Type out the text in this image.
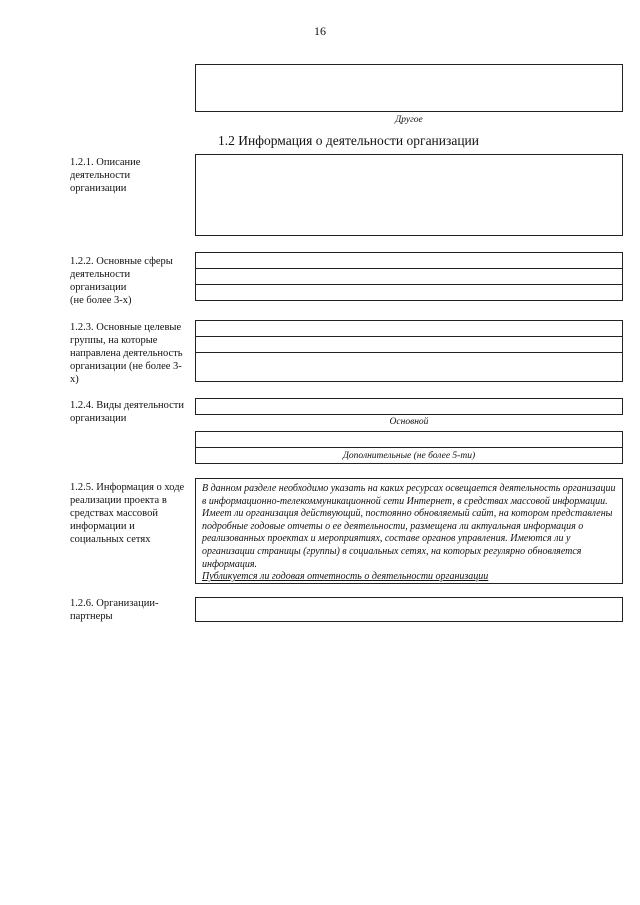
16
Другое
1.2 Информация о деятельности организации
1.2.1. Описание деятельности организации
1.2.2. Основные сферы деятельности организации
(не более 3-х)
1.2.3. Основные целевые группы, на которые направлена деятельность организации (не более 3-х)
1.2.4. Виды деятельности организации	Основной
Дополнительные (не более 5-ти)
1.2.5. Информация о ходе реализации проекта в средствах массовой информации и социальных сетях
В данном разделе необходимо указать на каких ресурсах освещается деятельность организации в информационно-телекоммуникационной сети Интернет, в средствах массовой информации. Имеет ли организация действующий, постоянно обновляемый сайт, на котором представлены подробные годовые отчеты о ее деятельности, размещена ли актуальная информация о реализованных проектах и мероприятиях, составе органов управления. Имеются ли у организации страницы (группы) в социальных сетях, на которых регулярно обновляется информация.
Публикуется ли годовая отчетность о деятельности организации
1.2.6. Организации-партнеры
